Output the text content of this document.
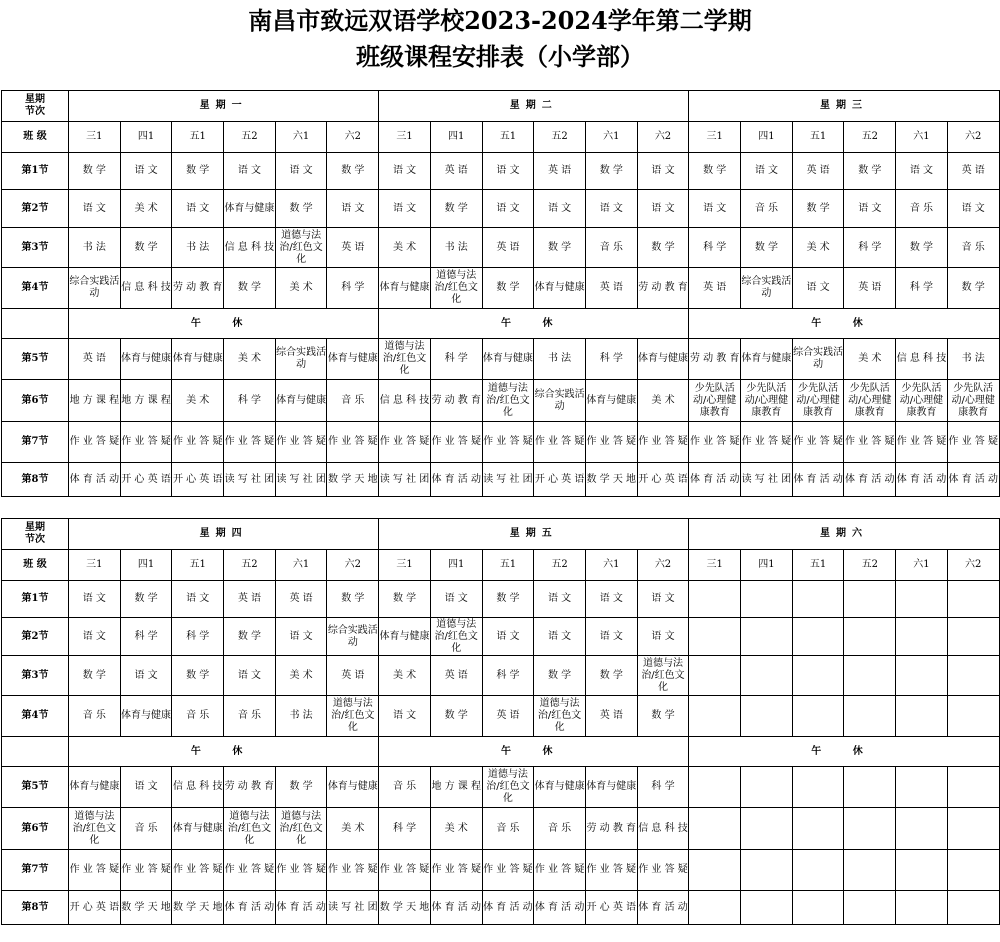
南昌市致远双语学校2023-2024学年第二学期
班级课程安排表（小学部）
星期
节次	星期一						星期二						星期三					
班 级	三1	四1	五1	五2	六1	六2	三1	四1	五1	五2	六1	六2	三1	四1	五1	五2	六1	六2
第1节	数 学	语 文	数 学	语 文	语 文	数 学	语 文	英 语	语 文	英 语	数 学	语 文	数 学	语 文	英 语	数 学	语 文	英 语
第2节	语 文	美 术	语 文	体育与健康	数 学	语 文	语 文	数 学	语 文	语 文	语 文	语 文	语 文	音 乐	数 学	语 文	音 乐	语 文
第3节	书 法	数 学	书 法	信 息 科 技	道德与法治/红色文化	英 语	美 术	书 法	英 语	数 学	音 乐	数 学	科 学	数 学	美 术	科 学	数 学	音 乐
第4节	综合实践活动	信 息 科 技	劳 动 教 育	数 学	美 术	科 学	体育与健康	道德与法治/红色文化	数 学	体育与健康	英 语	劳 动 教 育	英 语	综合实践活动	语 文	英 语	科 学	数 学
	午 休						午 休						午 休					
第5节	英 语	体育与健康	体育与健康	美 术	综合实践活动	体育与健康	道德与法治/红色文化	科 学	体育与健康	书 法	科 学	体育与健康	劳 动 教 育	体育与健康	综合实践活动	美 术	信 息 科 技	书 法
第6节	地 方 课 程	地 方 课 程	美 术	科 学	体育与健康	音 乐	信 息 科 技	劳 动 教 育	道德与法治/红色文化	综合实践活动	体育与健康	美 术	少先队活动/心理健康教育	少先队活动/心理健康教育	少先队活动/心理健康教育	少先队活动/心理健康教育	少先队活动/心理健康教育	少先队活动/心理健康教育
第7节	作 业 答 疑	作 业 答 疑	作 业 答 疑	作 业 答 疑	作 业 答 疑	作 业 答 疑	作 业 答 疑	作 业 答 疑	作 业 答 疑	作 业 答 疑	作 业 答 疑	作 业 答 疑	作 业 答 疑	作 业 答 疑	作 业 答 疑	作 业 答 疑	作 业 答 疑	作 业 答 疑
第8节	体 育 活 动	开 心 英 语	开 心 英 语	读 写 社 团	读 写 社 团	数 学 天 地	读 写 社 团	体 育 活 动	读 写 社 团	开 心 英 语	数 学 天 地	开 心 英 语	体 育 活 动	读 写 社 团	体 育 活 动	体 育 活 动	体 育 活 动	体 育 活 动
星期
节次	星期四						星期五						星期六					
班 级	三1	四1	五1	五2	六1	六2	三1	四1	五1	五2	六1	六2	三1	四1	五1	五2	六1	六2
第1节	语 文	数 学	语 文	英 语	英 语	数 学	数 学	语 文	数 学	语 文	语 文	语 文						
第2节	语 文	科 学	科 学	数 学	语 文	综合实践活动	体育与健康	道德与法治/红色文化	语 文	语 文	语 文	语 文						
第3节	数 学	语 文	数 学	语 文	美 术	英 语	美 术	英 语	科 学	数 学	数 学	道德与法治/红色文化						
第4节	音 乐	体育与健康	音 乐	音 乐	书 法	道德与法治/红色文化	语 文	数 学	英 语	道德与法治/红色文化	英 语	数 学						
	午 休						午 休						午 休					
第5节	体育与健康	语 文	信 息 科 技	劳 动 教 育	数 学	体育与健康	音 乐	地 方 课 程	道德与法治/红色文化	体育与健康	体育与健康	科 学						
第6节	道德与法治/红色文化	音 乐	体育与健康	道德与法治/红色文化	道德与法治/红色文化	美 术	科 学	美 术	音 乐	音 乐	劳 动 教 育	信 息 科 技						
第7节	作 业 答 疑	作 业 答 疑	作 业 答 疑	作 业 答 疑	作 业 答 疑	作 业 答 疑	作 业 答 疑	作 业 答 疑	作 业 答 疑	作 业 答 疑	作 业 答 疑	作 业 答 疑						
第8节	开 心 英 语	数 学 天 地	数 学 天 地	体 育 活 动	体 育 活 动	读 写 社 团	数 学 天 地	体 育 活 动	体 育 活 动	体 育 活 动	开 心 英 语	体 育 活 动						
